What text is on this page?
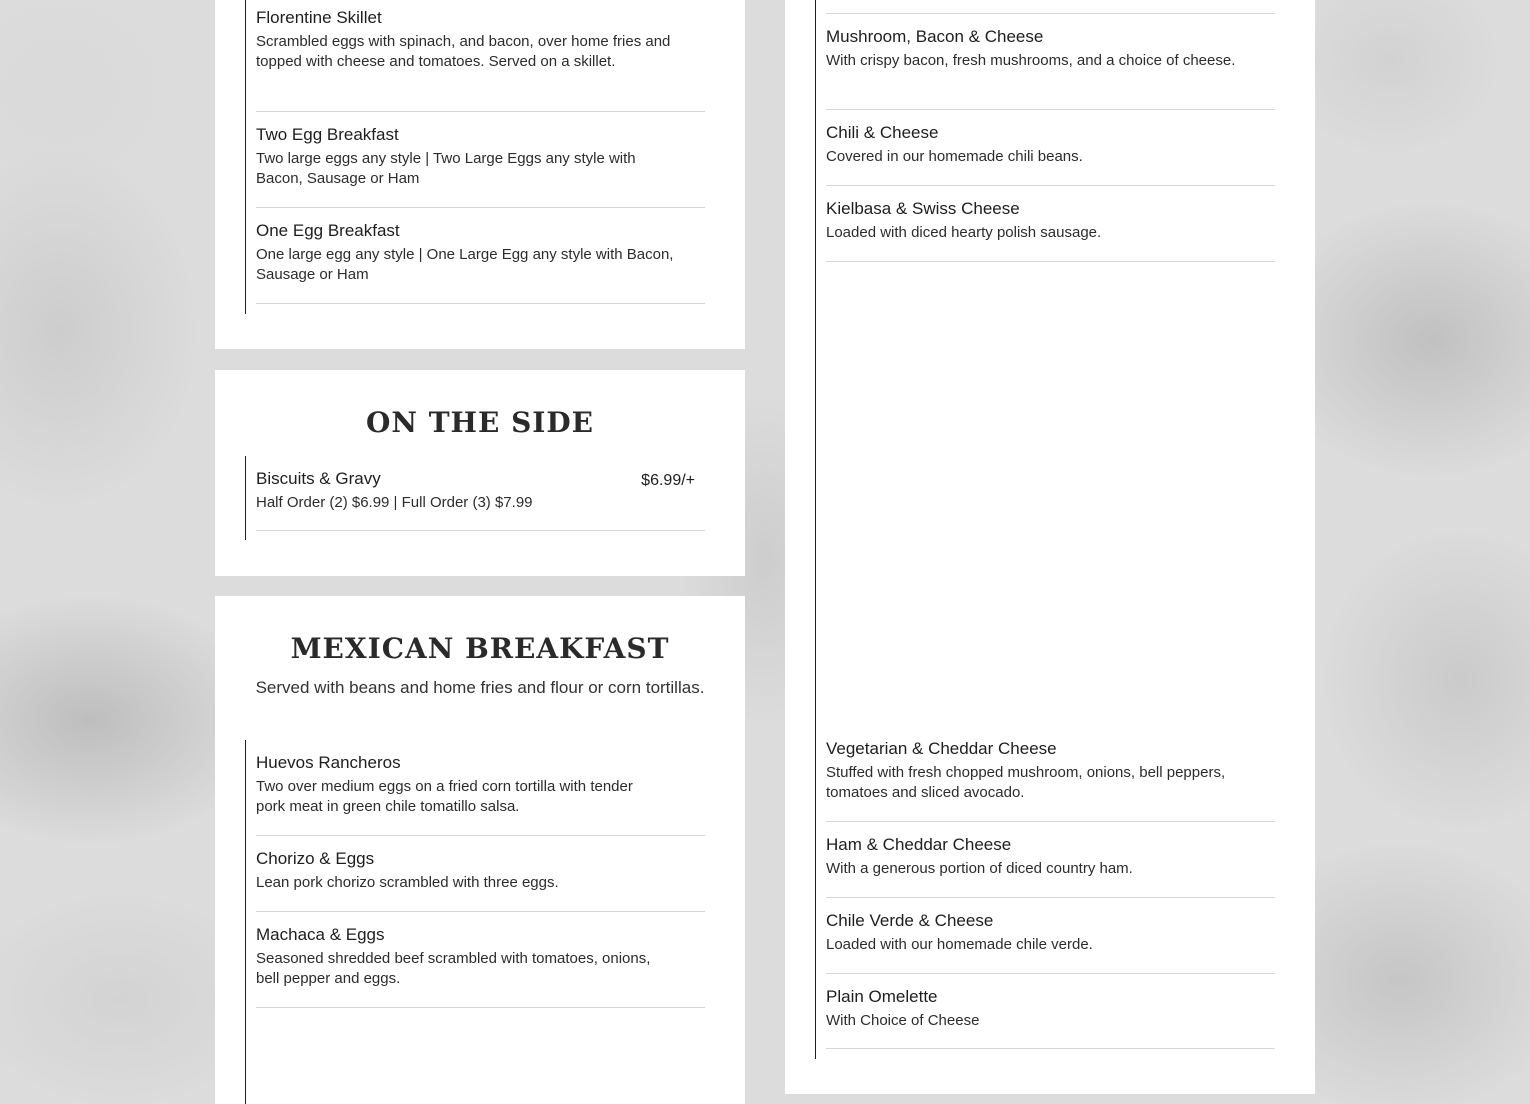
Florentine Skillet
Scrambled eggs with spinach, and bacon, over home fries and topped with cheese and tomatoes. Served on a skillet.
Two Egg Breakfast
Two large eggs any style | Two Large Eggs any style with Bacon, Sausage or Ham
One Egg Breakfast
One large egg any style | One Large Egg any style with Bacon, Sausage or Ham
ON THE SIDE
Biscuits & Gravy	$6.99/+
Half Order (2) $6.99 | Full Order (3) $7.99
MEXICAN BREAKFAST
Served with beans and home fries and flour or corn tortillas.
Huevos Rancheros
Two over medium eggs on a fried corn tortilla with tender pork meat in green chile tomatillo salsa.
Chorizo & Eggs
Lean pork chorizo scrambled with three eggs.
Machaca & Eggs
Seasoned shredded beef scrambled with tomatoes, onions, bell pepper and eggs.
Mushroom, Bacon & Cheese
With crispy bacon, fresh mushrooms, and a choice of cheese.
Chili & Cheese
Covered in our homemade chili beans.
Kielbasa & Swiss Cheese
Loaded with diced hearty polish sausage.
Vegetarian & Cheddar Cheese
Stuffed with fresh chopped mushroom, onions, bell peppers, tomatoes and sliced avocado.
Ham & Cheddar Cheese
With a generous portion of diced country ham.
Chile Verde & Cheese
Loaded with our homemade chile verde.
Plain Omelette
With Choice of Cheese
